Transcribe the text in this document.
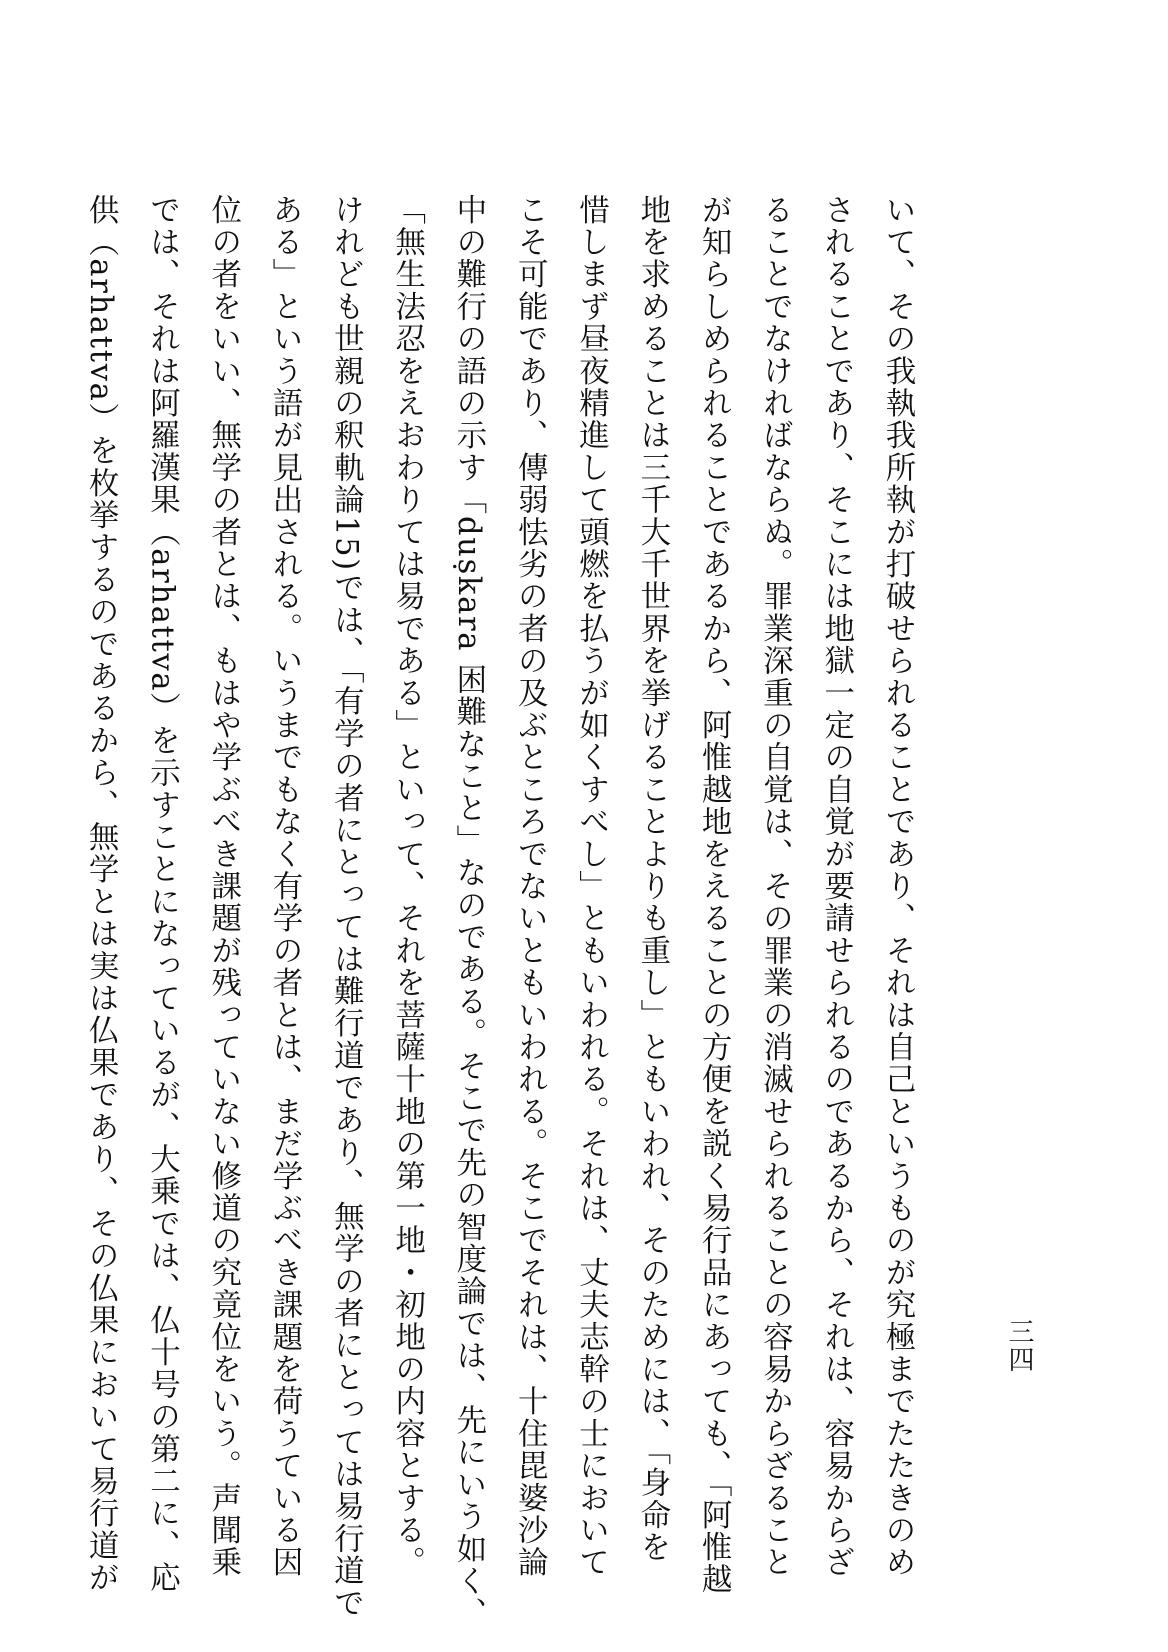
三四
いて、その我執我所執が打破せられることであり、それは自己というものが究極までたたきのめ
されることであり、そこには地獄一定の自覚が要請せられるのであるから、それは、容易からざ
ることでなければならぬ。罪業深重の自覚は、その罪業の消滅せられることの容易からざること
が知らしめられることであるから、阿惟越地をえることの方便を説く易行品にあっても、「阿惟越
地を求めることは三千大千世界を挙げることよりも重し」ともいわれ、そのためには、「身命を
惜しまず昼夜精進して頭燃を払うが如くすべし」ともいわれる。それは、丈夫志幹の士において
こそ可能であり、傳弱怯劣の者の及ぶところでないともいわれる。そこでそれは、十住毘婆沙論
中の難行の語の示す「duṣkara 困難なこと」なのである。そこで先の智度論では、先にいう如く、
「無生法忍をえおわりては易である」といって、それを菩薩十地の第一地・初地の内容とする。
けれども世親の釈軌論15)では、「有学の者にとっては難行道であり、無学の者にとっては易行道で
ある」という語が見出される。いうまでもなく有学の者とは、まだ学ぶべき課題を荷うている因
位の者をいい、無学の者とは、もはや学ぶべき課題が残っていない修道の究竟位をいう。声聞乗
では、それは阿羅漢果（arhattva）を示すことになっているが、大乗では、仏十号の第二に、応
供（arhattva）を枚挙するのであるから、無学とは実は仏果であり、その仏果において易行道が
